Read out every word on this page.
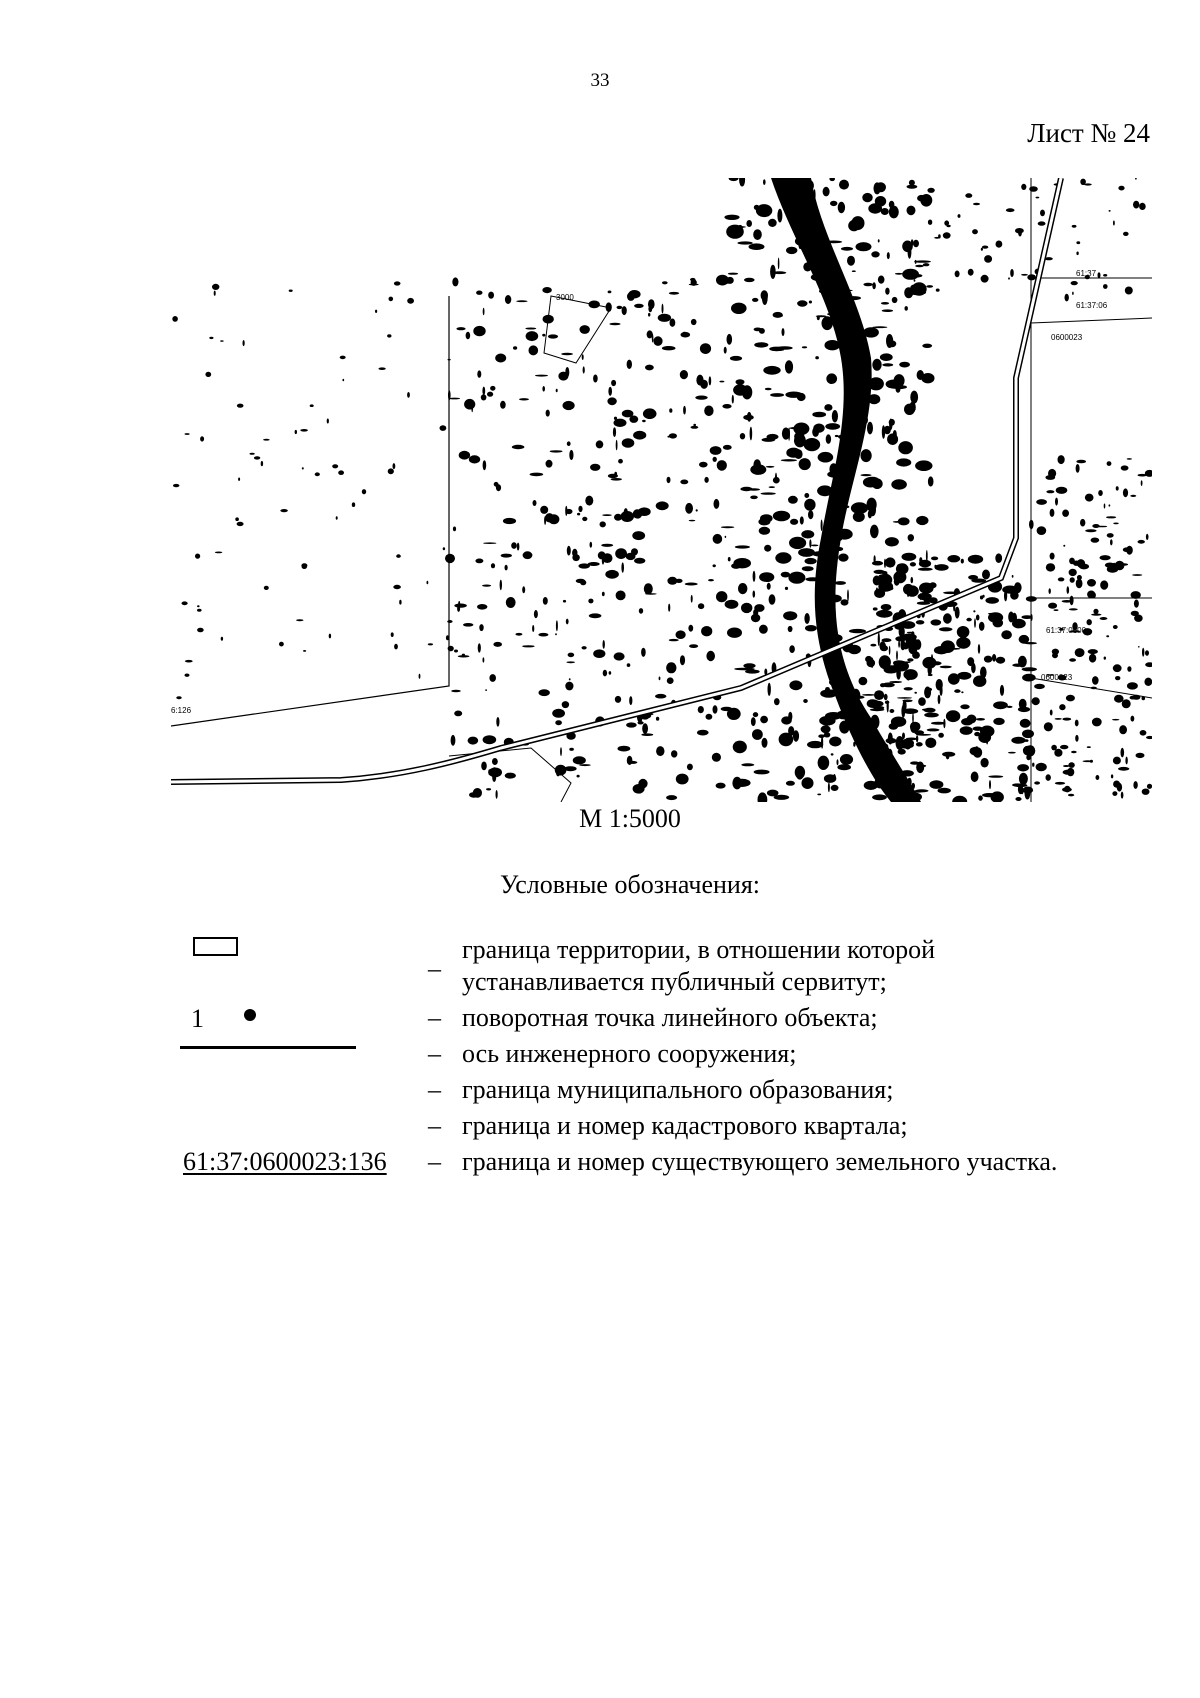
33
Лист № 24
6:126
3000
61:37
61:37:06
0600023
61:37:0600
0600023
М 1:5000
Условные обозначения:
1
61:37:0600023:136
–
граница территории, в отношении которой
устанавливается публичный сервитут;
– поворотная точка линейного объекта;
– ось инженерного сооружения;
– граница муниципального образования;
– граница и номер кадастрового квартала;
– граница и номер существующего земельного участка.
